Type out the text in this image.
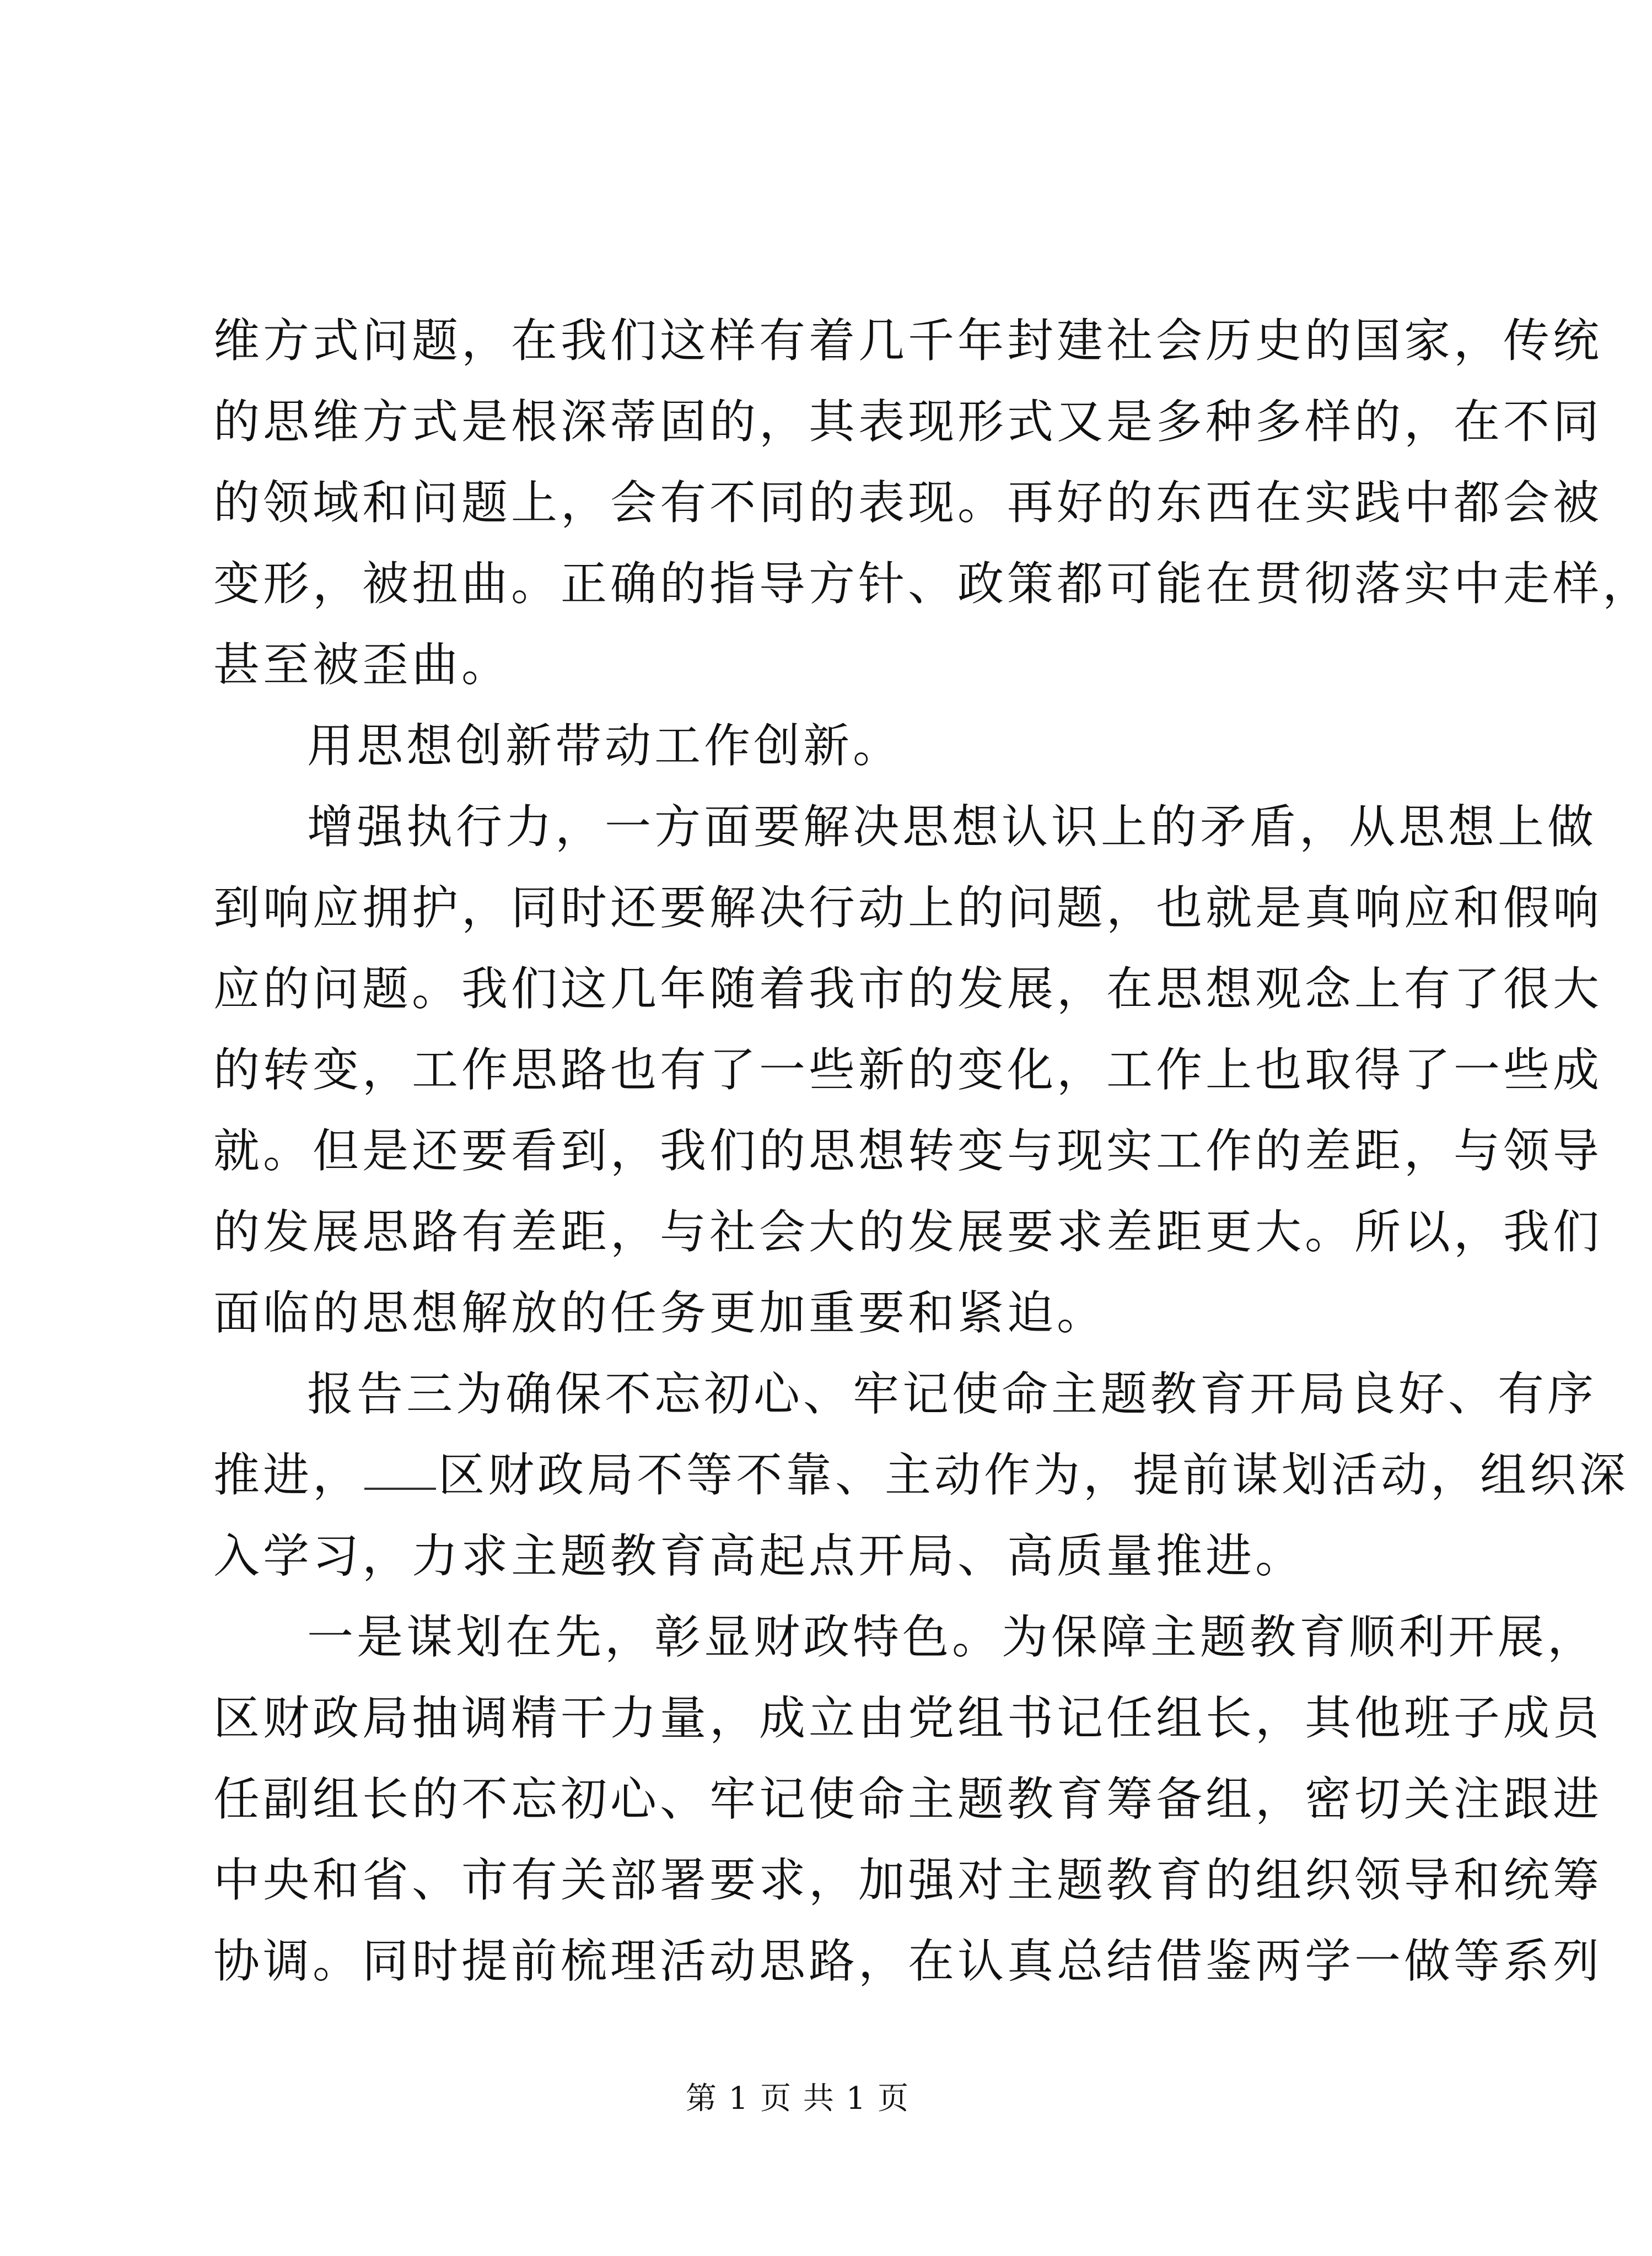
维方式问题，在我们这样有着几千年封建社会历史的国家，传统
的思维方式是根深蒂固的，其表现形式又是多种多样的，在不同
的领域和问题上，会有不同的表现。再好的东西在实践中都会被
变形，被扭曲。正确的指导方针、政策都可能在贯彻落实中走样，
甚至被歪曲。
用思想创新带动工作创新。
增强执行力，一方面要解决思想认识上的矛盾，从思想上做
到响应拥护，同时还要解决行动上的问题，也就是真响应和假响
应的问题。我们这几年随着我市的发展，在思想观念上有了很大
的转变，工作思路也有了一些新的变化，工作上也取得了一些成
就。但是还要看到，我们的思想转变与现实工作的差距，与领导
的发展思路有差距，与社会大的发展要求差距更大。所以，我们
面临的思想解放的任务更加重要和紧迫。
报告三为确保不忘初心、牢记使命主题教育开局良好、有序
推进， 区财政局不等不靠、主动作为，提前谋划活动，组织深
入学习，力求主题教育高起点开局、高质量推进。
一是谋划在先，彰显财政特色。为保障主题教育顺利开展，
区财政局抽调精干力量，成立由党组书记任组长，其他班子成员
任副组长的不忘初心、牢记使命主题教育筹备组，密切关注跟进
中央和省、市有关部署要求，加强对主题教育的组织领导和统筹
协调。同时提前梳理活动思路，在认真总结借鉴两学一做等系列
第 1 页 共 1 页
